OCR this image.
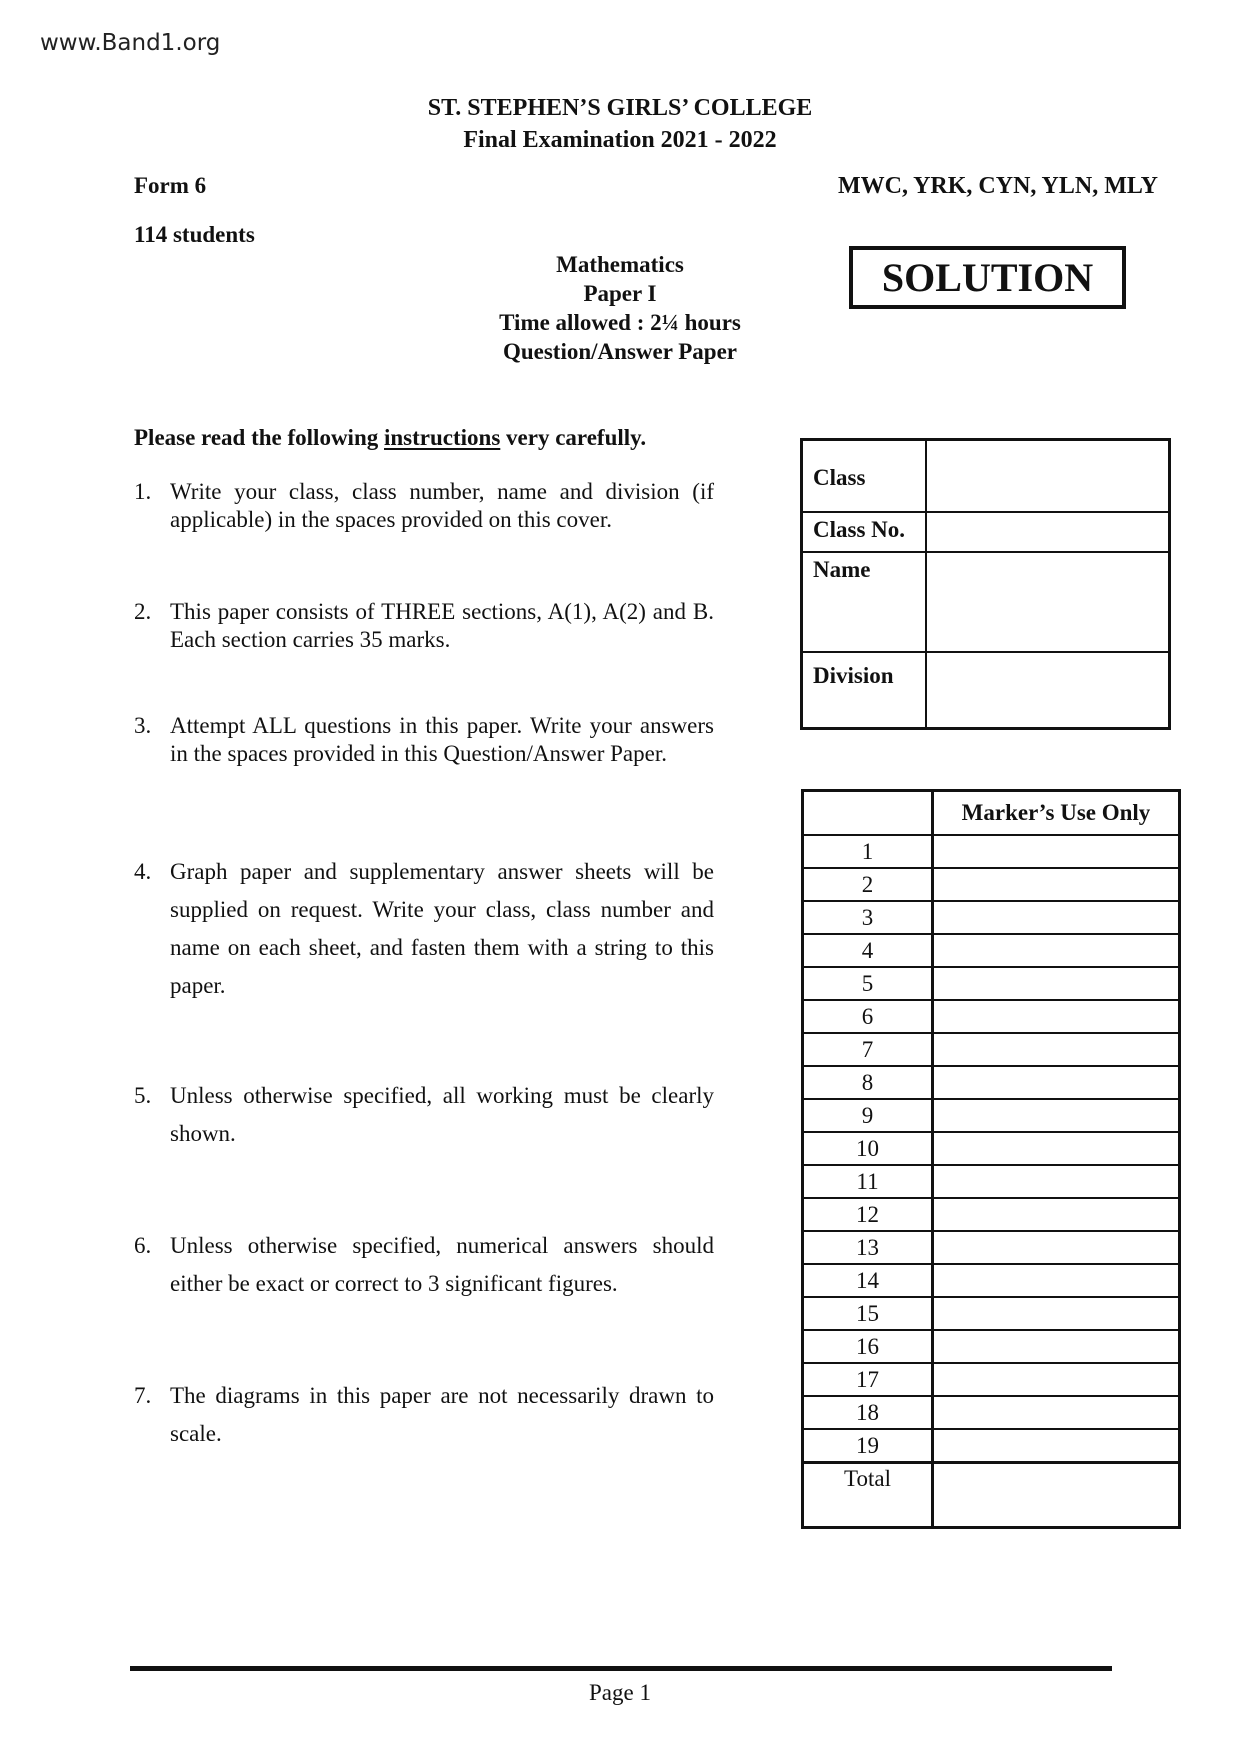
www.Band1.org
ST. STEPHEN’S GIRLS’ COLLEGE
Final Examination 2021 - 2022
Form 6
114 students
MWC, YRK, CYN, YLN, MLY
Mathematics
Paper I
Time allowed : 2¼ hours
Question/Answer Paper
SOLUTION
Please read the following instructions very carefully.
1. Write your class, class number, name and division (if applicable) in the spaces provided on this cover.
2. This paper consists of THREE sections, A(1), A(2) and B. Each section carries 35 marks.
3. Attempt ALL questions in this paper. Write your answers in the spaces provided in this Question/Answer Paper.
4. Graph paper and supplementary answer sheets will be supplied on request. Write your class, class number and name on each sheet, and fasten them with a string to this paper.
5. Unless otherwise specified, all working must be clearly shown.
6. Unless otherwise specified, numerical answers should either be exact or correct to 3 significant figures.
7. The diagrams in this paper are not necessarily drawn to scale.
Class	
Class No.	
Name	
Division	
	Marker’s Use Only
1	
2	
3	
4	
5	
6	
7	
8	
9	
10	
11	
12	
13	
14	
15	
16	
17	
18	
19	
Total	
Page 1
